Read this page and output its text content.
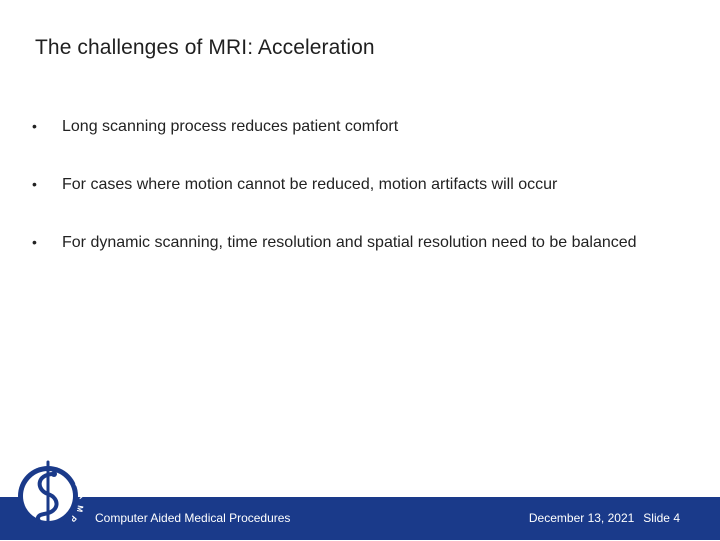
The challenges of MRI: Acceleration
•	Long scanning process reduces patient comfort
•	For cases where motion cannot be reduced, motion artifacts will occur
•	For dynamic scanning, time resolution and spatial resolution need to be balanced
Computer Aided Medical Procedures	December 13, 2021 Slide 4
C
A
M
P
